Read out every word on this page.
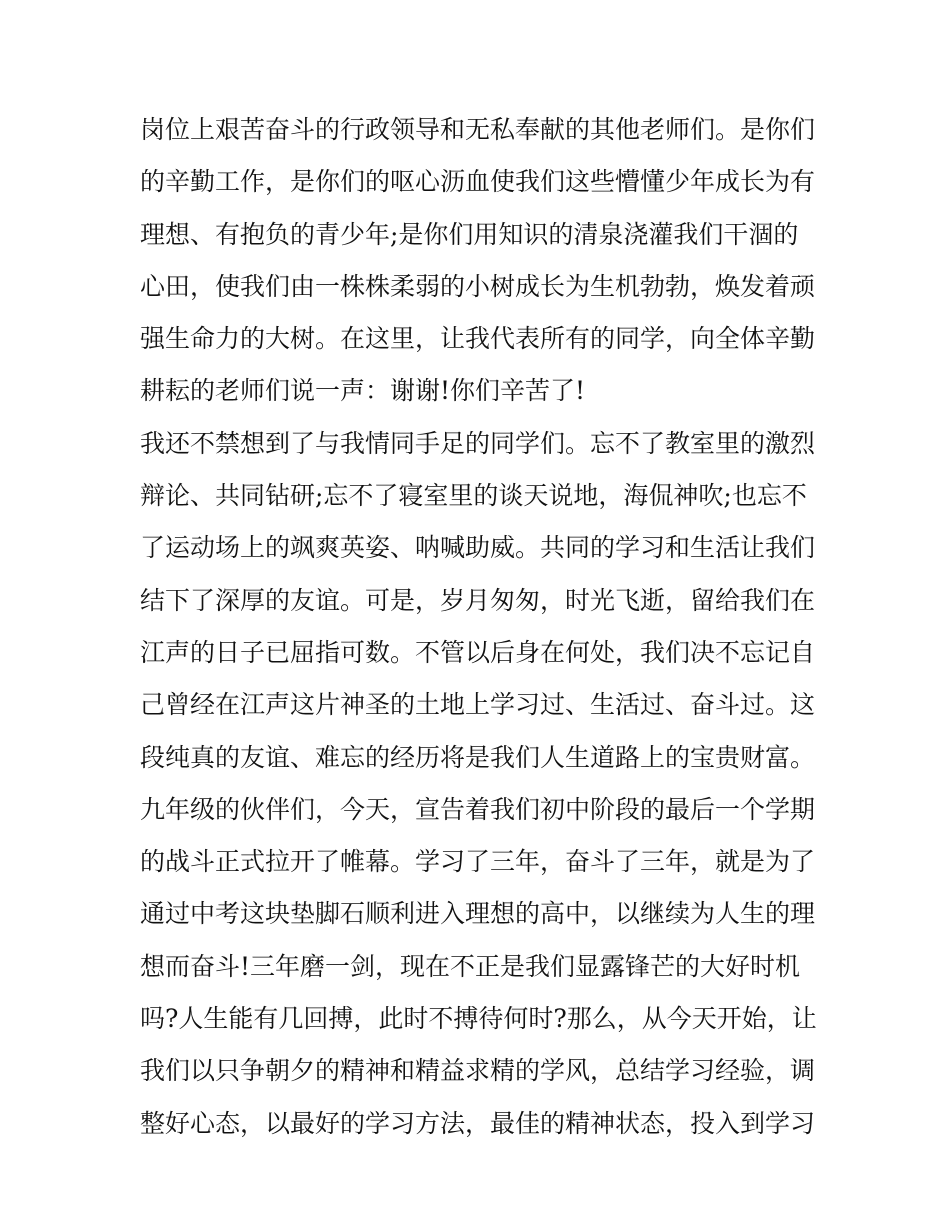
岗位上艰苦奋斗的行政领导和无私奉献的其他老师们。是你们
的辛勤工作，是你们的呕心沥血使我们这些懵懂少年成长为有
理想、有抱负的青少年;是你们用知识的清泉浇灌我们干涸的
心田，使我们由一株株柔弱的小树成长为生机勃勃，焕发着顽
强生命力的大树。在这里，让我代表所有的同学，向全体辛勤
耕耘的老师们说一声：谢谢!你们辛苦了!
我还不禁想到了与我情同手足的同学们。忘不了教室里的激烈
辩论、共同钻研;忘不了寝室里的谈天说地，海侃神吹;也忘不
了运动场上的飒爽英姿、呐喊助威。共同的学习和生活让我们
结下了深厚的友谊。可是，岁月匆匆，时光飞逝，留给我们在
江声的日子已屈指可数。不管以后身在何处，我们决不忘记自
己曾经在江声这片神圣的土地上学习过、生活过、奋斗过。这
段纯真的友谊、难忘的经历将是我们人生道路上的宝贵财富。
九年级的伙伴们，今天，宣告着我们初中阶段的最后一个学期
的战斗正式拉开了帷幕。学习了三年，奋斗了三年，就是为了
通过中考这块垫脚石顺利进入理想的高中，以继续为人生的理
想而奋斗!三年磨一剑，现在不正是我们显露锋芒的大好时机
吗?人生能有几回搏，此时不搏待何时?那么，从今天开始，让
我们以只争朝夕的精神和精益求精的学风，总结学习经验，调
整好心态，以最好的学习方法，最佳的精神状态，投入到学习
